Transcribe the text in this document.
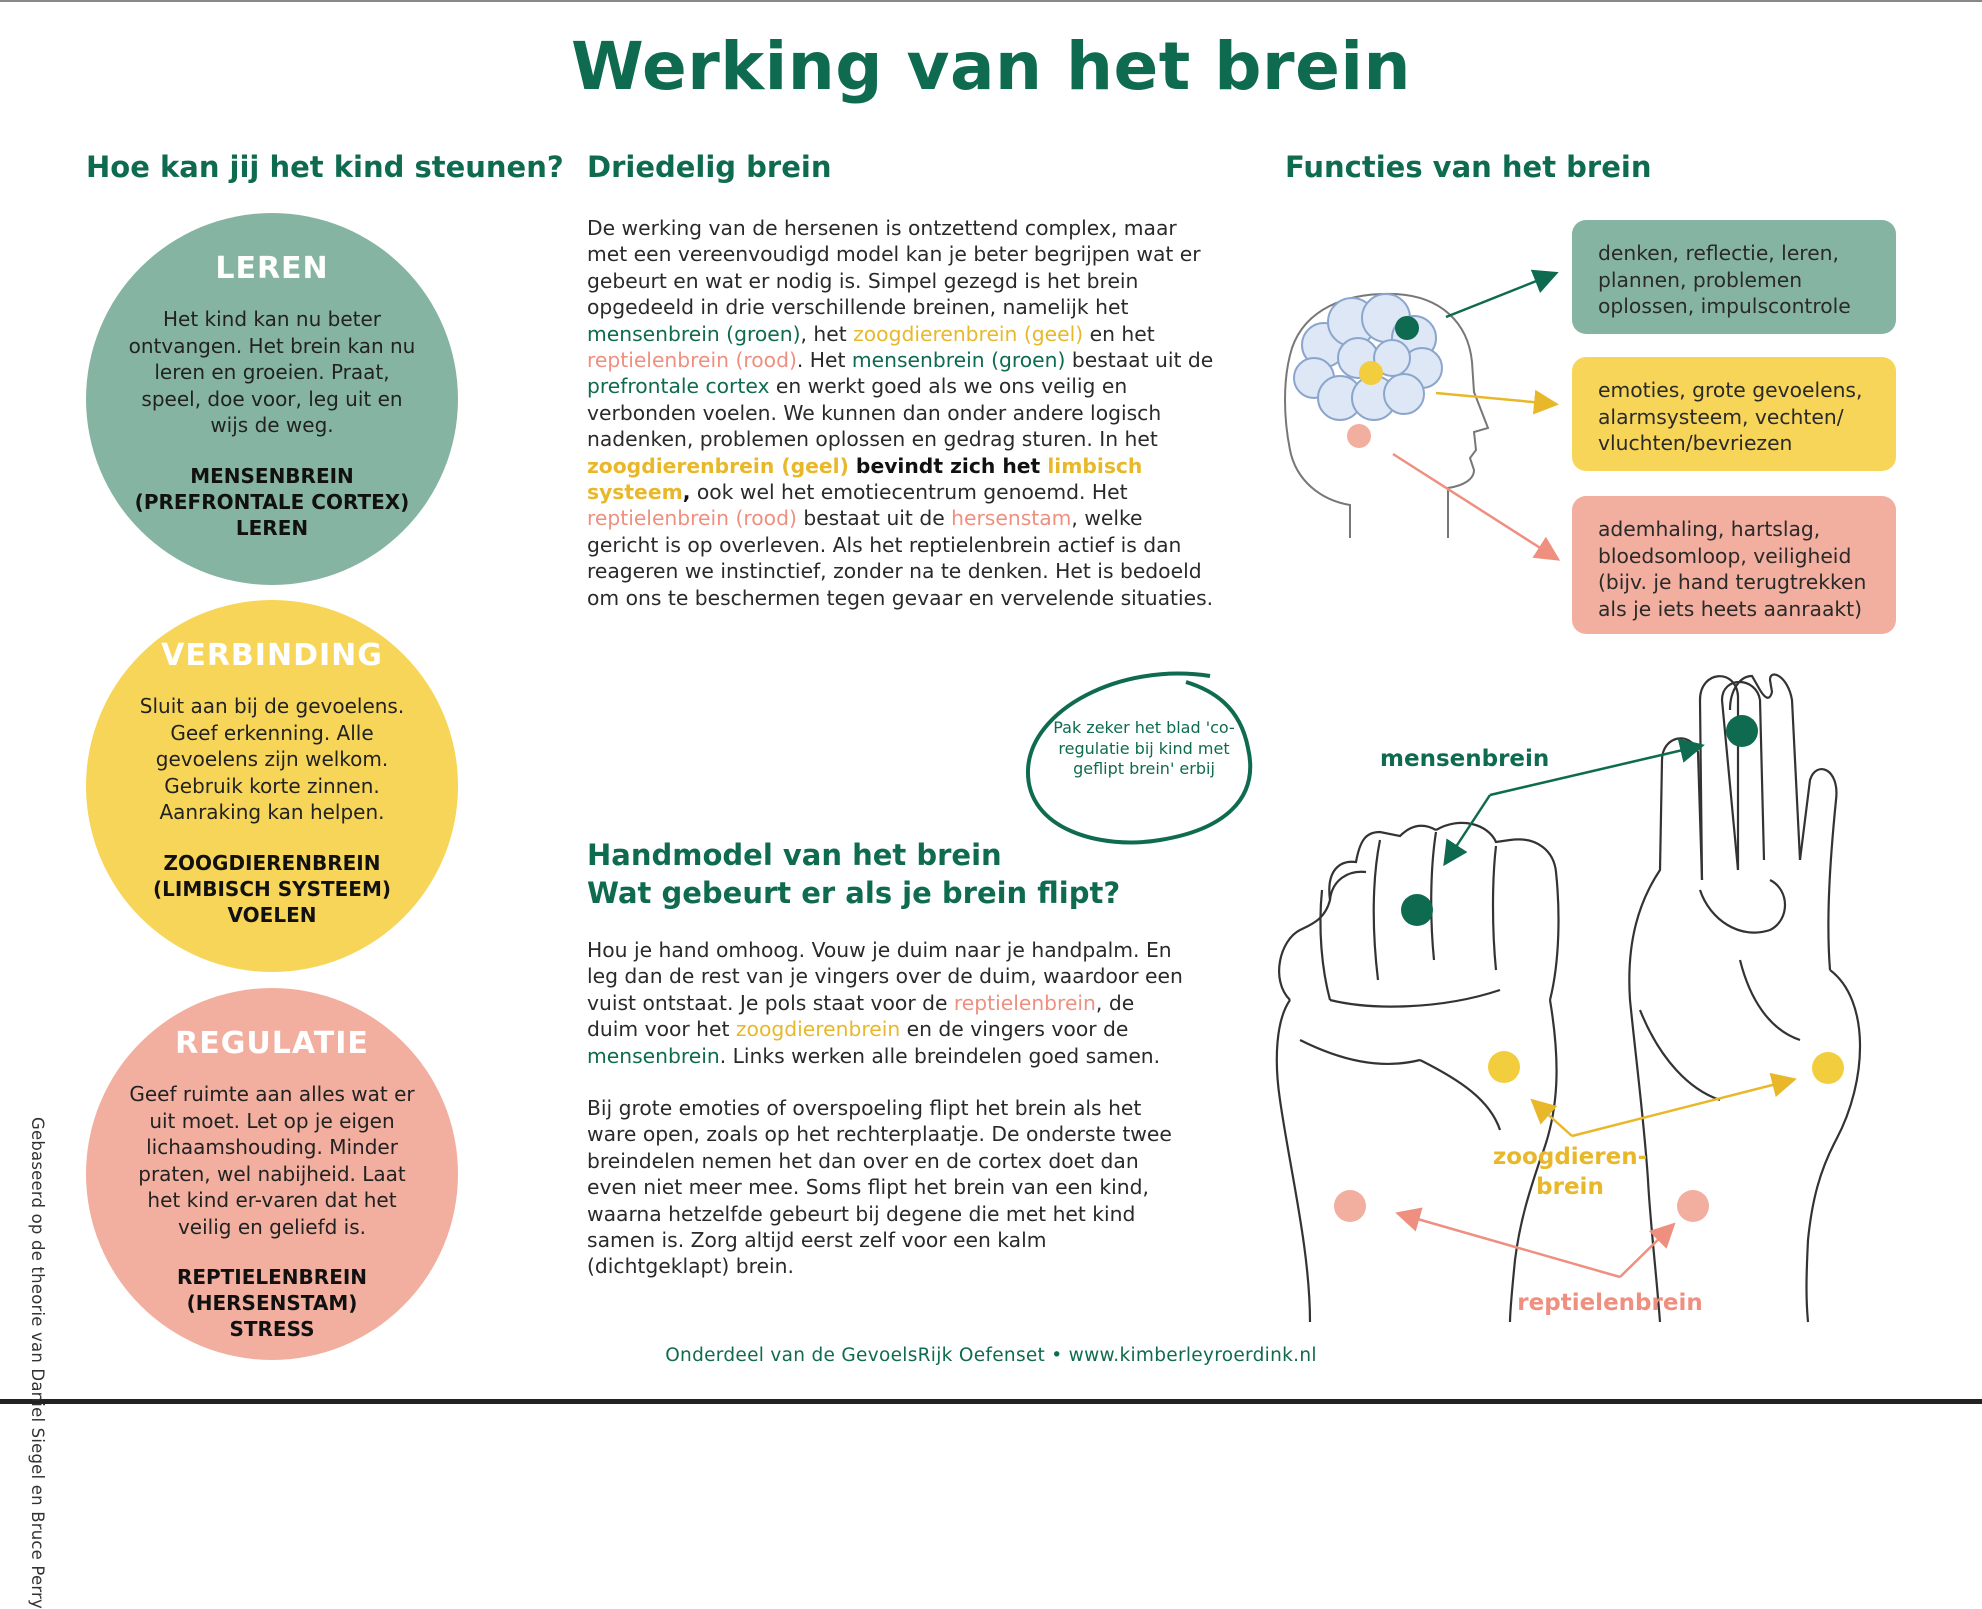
Werking van het brein
Hoe kan jij het kind steunen?
LEREN
Het kind kan nu beter ontvangen. Het brein kan nu leren en groeien. Praat, speel, doe voor, leg uit en wijs de weg.
MENSENBREIN
(PREFRONTALE CORTEX)
LEREN
VERBINDING
Sluit aan bij de gevoelens. Geef erkenning. Alle gevoelens zijn welkom. Gebruik korte zinnen. Aanraking kan helpen.
ZOOGDIERENBREIN
(LIMBISCH SYSTEEM)
VOELEN
REGULATIE
Geef ruimte aan alles wat er uit moet. Let op je eigen lichaamshouding. Minder praten, wel nabijheid. Laat het kind er-varen dat het veilig en geliefd is.
REPTIELENBREIN
(HERSENSTAM)
STRESS
Gebaseerd op de theorie van Daniel Siegel en Bruce Perry
Driedelig brein
De werking van de hersenen is ontzettend complex, maar met een vereenvoudigd model kan je beter begrijpen wat er gebeurt en wat er nodig is. Simpel gezegd is het brein opgedeeld in drie verschillende breinen, namelijk het mensenbrein (groen), het zoogdierenbrein (geel) en het reptielenbrein (rood). Het mensenbrein (groen) bestaat uit de prefrontale cortex en werkt goed als we ons veilig en verbonden voelen. We kunnen dan onder andere logisch nadenken, problemen oplossen en gedrag sturen. In het zoogdierenbrein (geel) bevindt zich het limbisch systeem, ook wel het emotiecentrum genoemd. Het reptielenbrein (rood) bestaat uit de hersenstam, welke gericht is op overleven. Als het reptielenbrein actief is dan reageren we instinctief, zonder na te denken. Het is bedoeld om ons te beschermen tegen gevaar en vervelende situaties.
Handmodel van het brein
Wat gebeurt er als je brein flipt?
Hou je hand omhoog. Vouw je duim naar je handpalm. En leg dan de rest van je vingers over de duim, waardoor een vuist ontstaat. Je pols staat voor de reptielenbrein, de duim voor het zoogdierenbrein en de vingers voor de mensenbrein. Links werken alle breindelen goed samen.
Bij grote emoties of overspoeling flipt het brein als het ware open, zoals op het rechterplaatje. De onderste twee breindelen nemen het dan over en de cortex doet dan even niet meer mee. Soms flipt het brein van een kind, waarna hetzelfde gebeurt bij degene die met het kind samen is. Zorg altijd eerst zelf voor een kalm (dichtgeklapt) brein.
Functies van het brein
denken, reflectie, leren, plannen, problemen oplossen, impulscontrole
emoties, grote gevoelens, alarmsysteem, vechten/ vluchten/bevriezen
ademhaling, hartslag, bloedsomloop, veiligheid (bijv. je hand terugtrekken als je iets heets aanraakt)
Pak zeker het blad 'co-regulatie bij kind met geflipt brein' erbij	mensenbrein
zoogdieren-
brein
reptielenbrein
Onderdeel van de GevoelsRijk Oefenset • www.kimberleyroerdink.nl
